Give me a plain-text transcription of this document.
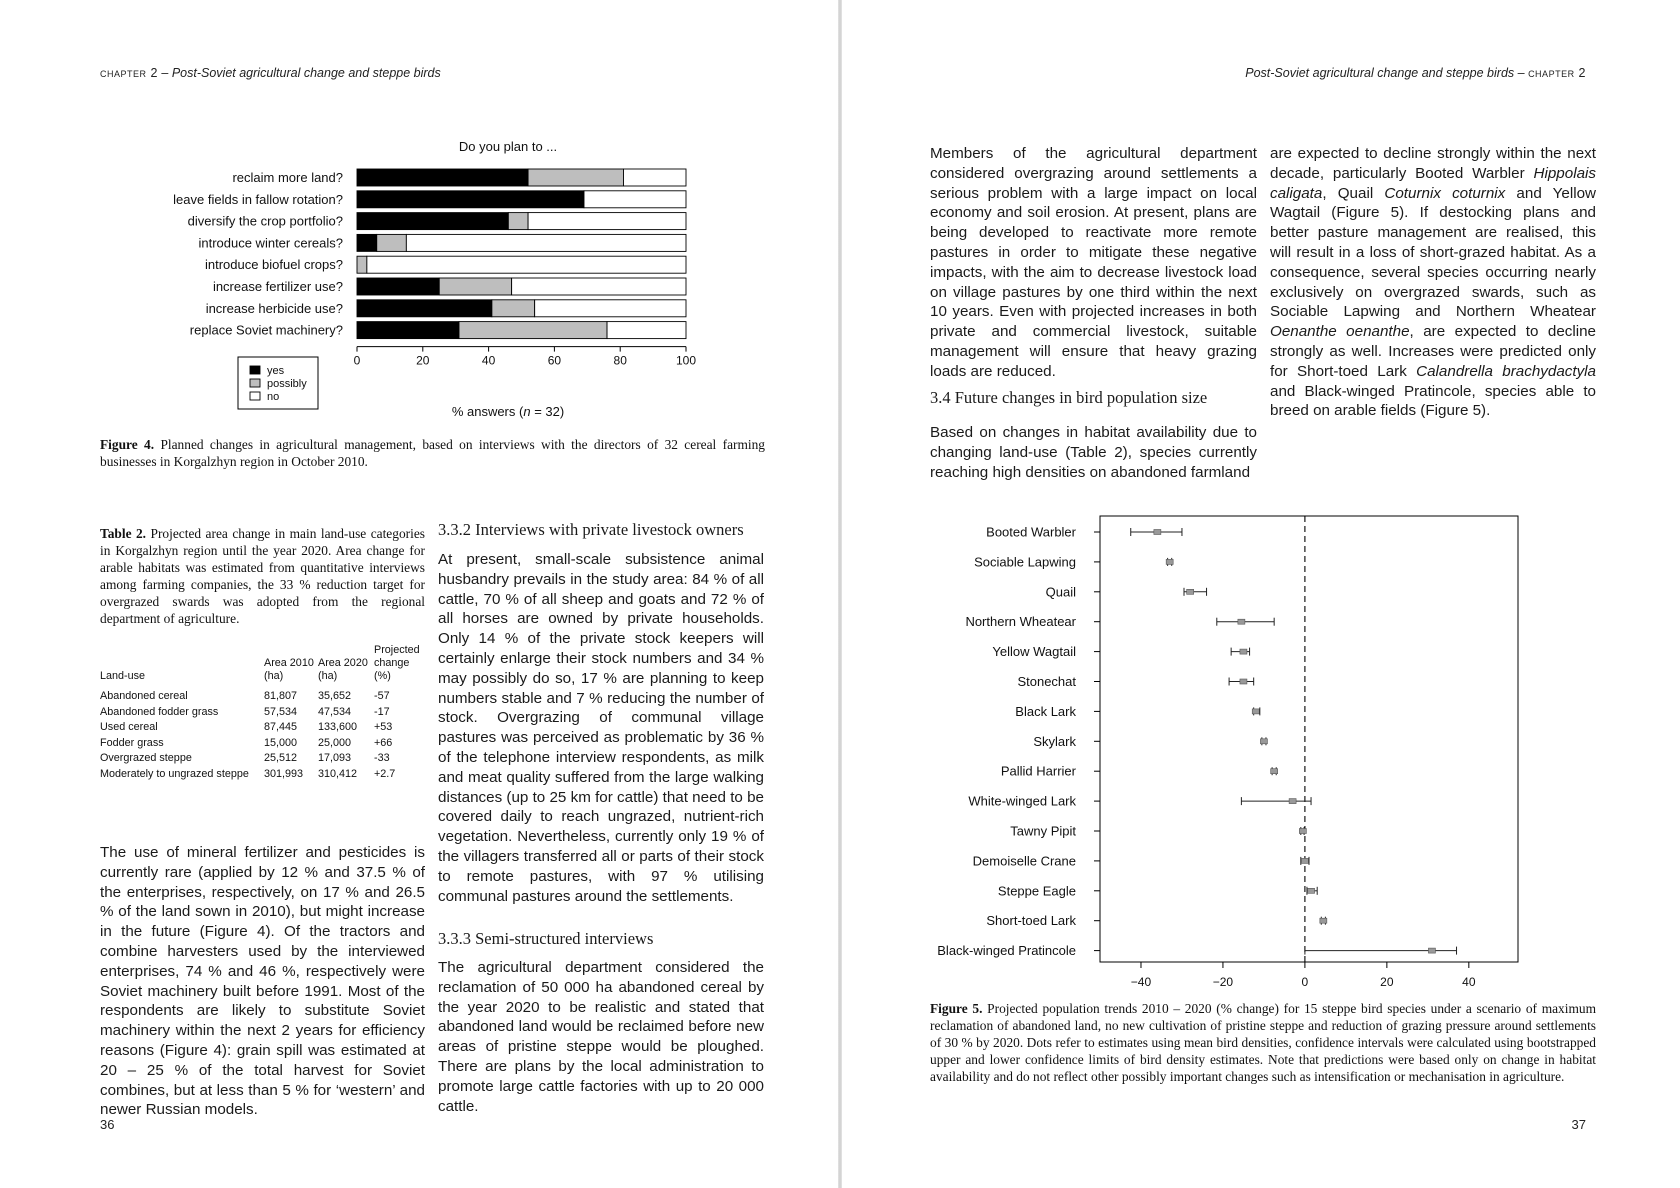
chapter 2 – Post-Soviet agricultural change and steppe birds
Do you plan to ...
reclaim more land?
leave fields in fallow rotation?
diversify the crop portfolio?
introduce winter cereals?
introduce biofuel crops?
increase fertilizer use?
increase herbicide use?
replace Soviet machinery?
0	20	40	60	80	100
% answers (n = 32)
yes
possibly
no
Figure 4. Planned changes in agricultural management, based on interviews with the directors of 32 cereal farming businesses in Korgalzhyn region in October 2010.
Table 2. Projected area change in main land-use categories in Korgalzhyn region until the year 2020. Area change for arable habitats was estimated from quantitative interviews among farming companies, the 33 % reduction target for overgrazed swards was adopted from the regional department of agriculture.
Land-use	Area 2010 (ha)	Area 2020 (ha)	Projected change (%)
Abandoned cereal	81,807	35,652	-57
Abandoned fodder grass	57,534	47,534	-17
Used cereal	87,445	133,600	+53
Fodder grass	15,000	25,000	+66
Overgrazed steppe	25,512	17,093	-33
Moderately to ungrazed steppe	301,993	310,412	+2.7

The use of mineral fertilizer and pesticides is currently rare (applied by 12 % and 37.5 % of the enterprises, respectively, on 17 % and 26.5 % of the land sown in 2010), but might increase in the future (Figure 4). Of the tractors and combine harvesters used by the interviewed enterprises, 74 % and 46 %, respectively were Soviet machinery built before 1991. Most of the respondents are likely to substitute Soviet machinery within the next 2 years for efficiency reasons (Figure 4): grain spill was estimated at 20 – 25 % of the total harvest for Soviet combines, but at less than 5 % for ‘western’ and newer Russian models.

3.3.2 Interviews with private livestock owners

At present, small-scale subsistence animal husbandry prevails in the study area: 84 % of all cattle, 70 % of all sheep and goats and 72 % of all horses are owned by private households. Only 14 % of the private stock keepers will certainly enlarge their stock numbers and 34 % may possibly do so, 17 % are planning to keep numbers stable and 7 % reducing the number of stock. Overgrazing of communal village pastures was perceived as problematic by 36 % of the telephone interview respondents, as milk and meat quality suffered from the large walking distances (up to 25 km for cattle) that need to be covered daily to reach ungrazed, nutrient-rich vegetation. Nevertheless, currently only 19 % of the villagers transferred all or parts of their stock to remote pastures, with 97 % utilising communal pastures around the settlements.

3.3.3 Semi-structured interviews

The agricultural department considered the reclamation of 50 000 ha abandoned cereal by the year 2020 to be realistic and stated that abandoned land would be reclaimed before new areas of pristine steppe would be ploughed. There are plans by the local administration to promote large cattle factories with up to 20 000 cattle.

36
Post-Soviet agricultural change and steppe birds – chapter 2

Members of the agricultural department considered overgrazing around settlements a serious problem with a large impact on local economy and soil erosion. At present, plans are being developed to reactivate more remote pastures in order to mitigate these negative impacts, with the aim to decrease livestock load on village pastures by one third within the next 10 years. Even with projected increases in both private and commercial livestock, suitable management will ensure that heavy grazing loads are reduced.

3.4 Future changes in bird population size

Based on changes in habitat availability due to changing land-use (Table 2), species currently reaching high densities on abandoned farmland

are expected to decline strongly within the next decade, particularly Booted Warbler Hippolais caligata, Quail Coturnix coturnix and Yellow Wagtail (Figure 5). If destocking plans and better pasture management are realised, this will result in a loss of short-grazed habitat. As a consequence, several species occurring nearly exclusively on overgrazed swards, such as Sociable Lapwing and Northern Wheatear Oenanthe oenanthe, are expected to decline strongly as well. Increases were predicted only for Short-toed Lark Calandrella brachydactyla and Black-winged Pratincole, species able to breed on arable fields (Figure 5).

Booted Warbler
Sociable Lapwing
Quail
Northern Wheatear
Yellow Wagtail
Stonechat
Black Lark
Skylark
Pallid Harrier
White-winged Lark
Tawny Pipit
Demoiselle Crane
Steppe Eagle
Short-toed Lark
Black-winged Pratincole
−40	−20	0	20	40
Figure 5. Projected population trends 2010 – 2020 (% change) for 15 steppe bird species under a scenario of maximum reclamation of abandoned land, no new cultivation of pristine steppe and reduction of grazing pressure around settlements of 30 % by 2020. Dots refer to estimates using mean bird densities, confidence intervals were calculated using bootstrapped upper and lower confidence limits of bird density estimates. Note that predictions were based only on change in habitat availability and do not reflect other possibly important changes such as intensification or mechanisation in agriculture.
37
